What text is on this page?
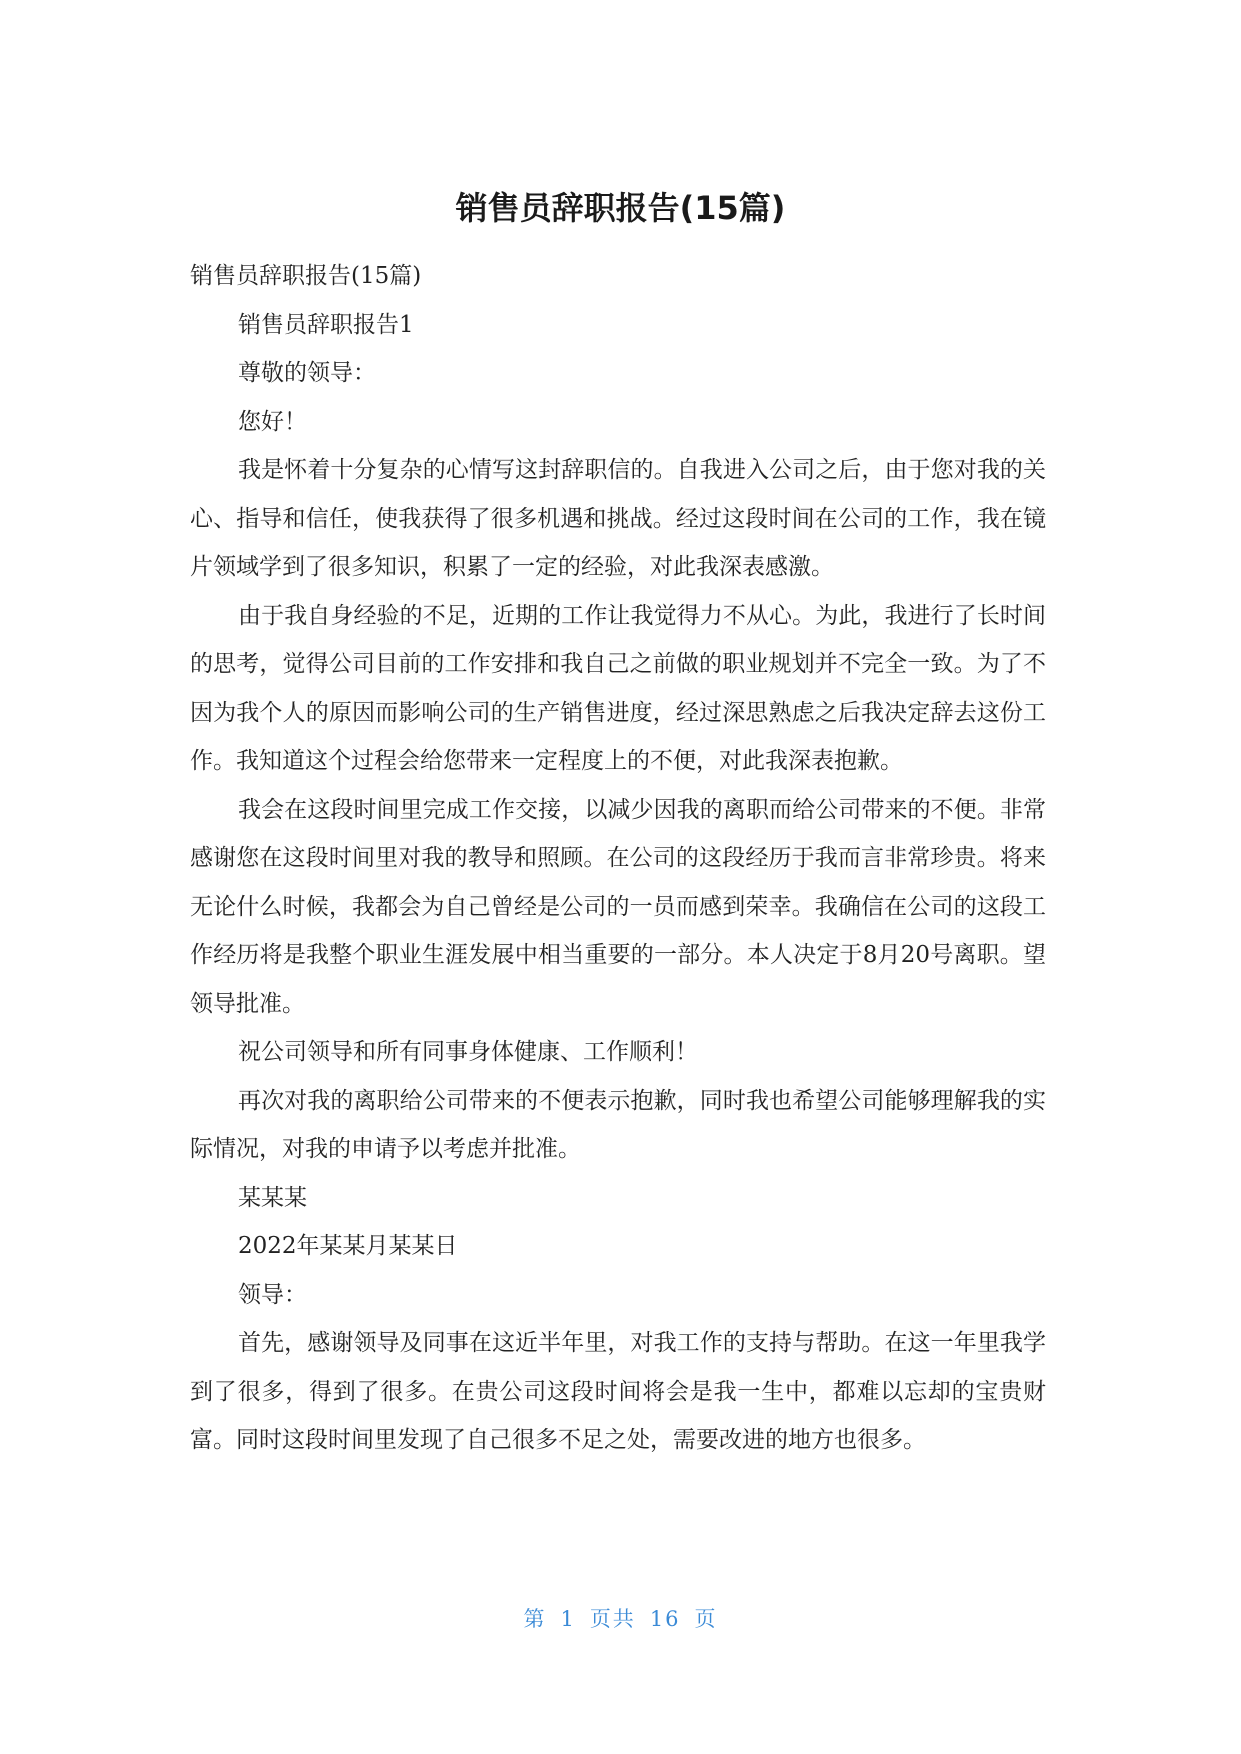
销售员辞职报告(15篇)

销售员辞职报告(15篇)

销售员辞职报告1

尊敬的领导：

您好！

我是怀着十分复杂的心情写这封辞职信的。自我进入公司之后，由于您对我的关心、指导和信任，使我获得了很多机遇和挑战。经过这段时间在公司的工作，我在镜片领域学到了很多知识，积累了一定的经验，对此我深表感激。

由于我自身经验的不足，近期的工作让我觉得力不从心。为此，我进行了长时间的思考，觉得公司目前的工作安排和我自己之前做的职业规划并不完全一致。为了不因为我个人的原因而影响公司的生产销售进度，经过深思熟虑之后我决定辞去这份工作。我知道这个过程会给您带来一定程度上的不便，对此我深表抱歉。

我会在这段时间里完成工作交接，以减少因我的离职而给公司带来的不便。非常感谢您在这段时间里对我的教导和照顾。在公司的这段经历于我而言非常珍贵。将来无论什么时候，我都会为自己曾经是公司的一员而感到荣幸。我确信在公司的这段工作经历将是我整个职业生涯发展中相当重要的一部分。本人决定于8月20号离职。望领导批准。

祝公司领导和所有同事身体健康、工作顺利！

再次对我的离职给公司带来的不便表示抱歉，同时我也希望公司能够理解我的实际情况，对我的申请予以考虑并批准。

某某某

2022年某某月某某日

领导：

首先，感谢领导及同事在这近半年里，对我工作的支持与帮助。在这一年里我学到了很多，得到了很多。在贵公司这段时间将会是我一生中，都难以忘却的宝贵财富。同时这段时间里发现了自己很多不足之处，需要改进的地方也很多。

第 1 页共 16 页
